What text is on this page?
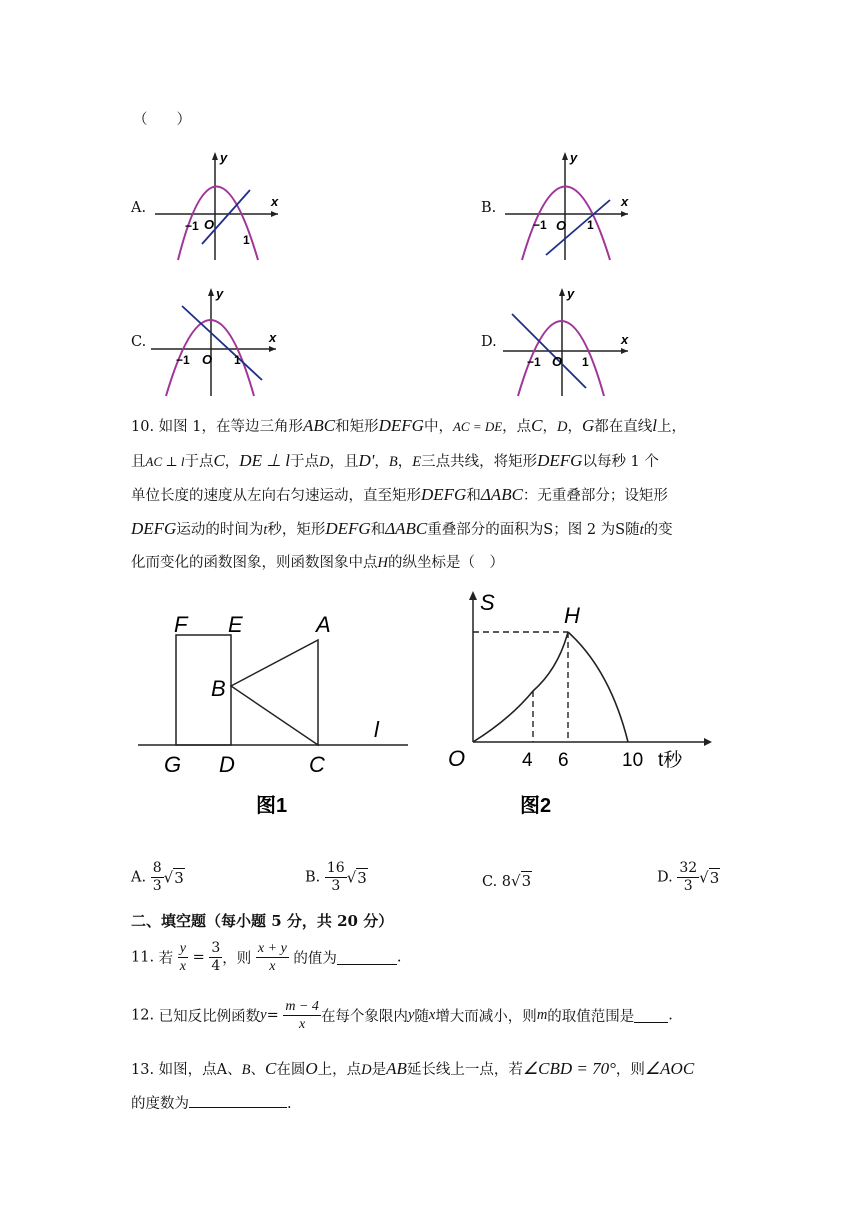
（　　）
A.
y
x
O
−1
1
B.
y
x
O
−1	1
C.
y
x
O
−1	1
D.
y
x
O
−1	1
10. 如图 1，在等边三角形ABC和矩形DEFG中，AC = DE，点C，D，G都在直线l上，
且AC ⊥ l于点C，DE ⊥ l于点D，且D'，B，E三点共线，将矩形DEFG以每秒 1 个
单位长度的速度从左向右匀速运动，直至矩形DEFG和ΔABC：无重叠部分；设矩形
DEFG运动的时间为t秒，矩形DEFG和ΔABC重叠部分的面积为S；图 2 为S随t的变
化而变化的函数图象，则函数图象中点H的纵坐标是（　）
F E	A
B
l
G D	C
图1
S
H
O	4 6	10 t秒
图2
A. $\frac{8}{3} √3$	B. $\frac{16}{3} √3$	C. 8√3	D. $\frac{32}{3} √3$
二、填空题（每小题 5 分，共 20 分）
11. 若 $\frac{y}{x} = \frac{3}{4}$ ，则 $\frac{x + y}{x}$ 的值为	.
12. 已知反比例函数$y= \frac{m - 4}{x}$ 在每个象限内y随x增大而减小，则m的取值范围是 .
13. 如图，点A、B、C在圆O上，点D是AB延长线上一点，若∠CBD = 70°，则∠AOC
的度数为	.
